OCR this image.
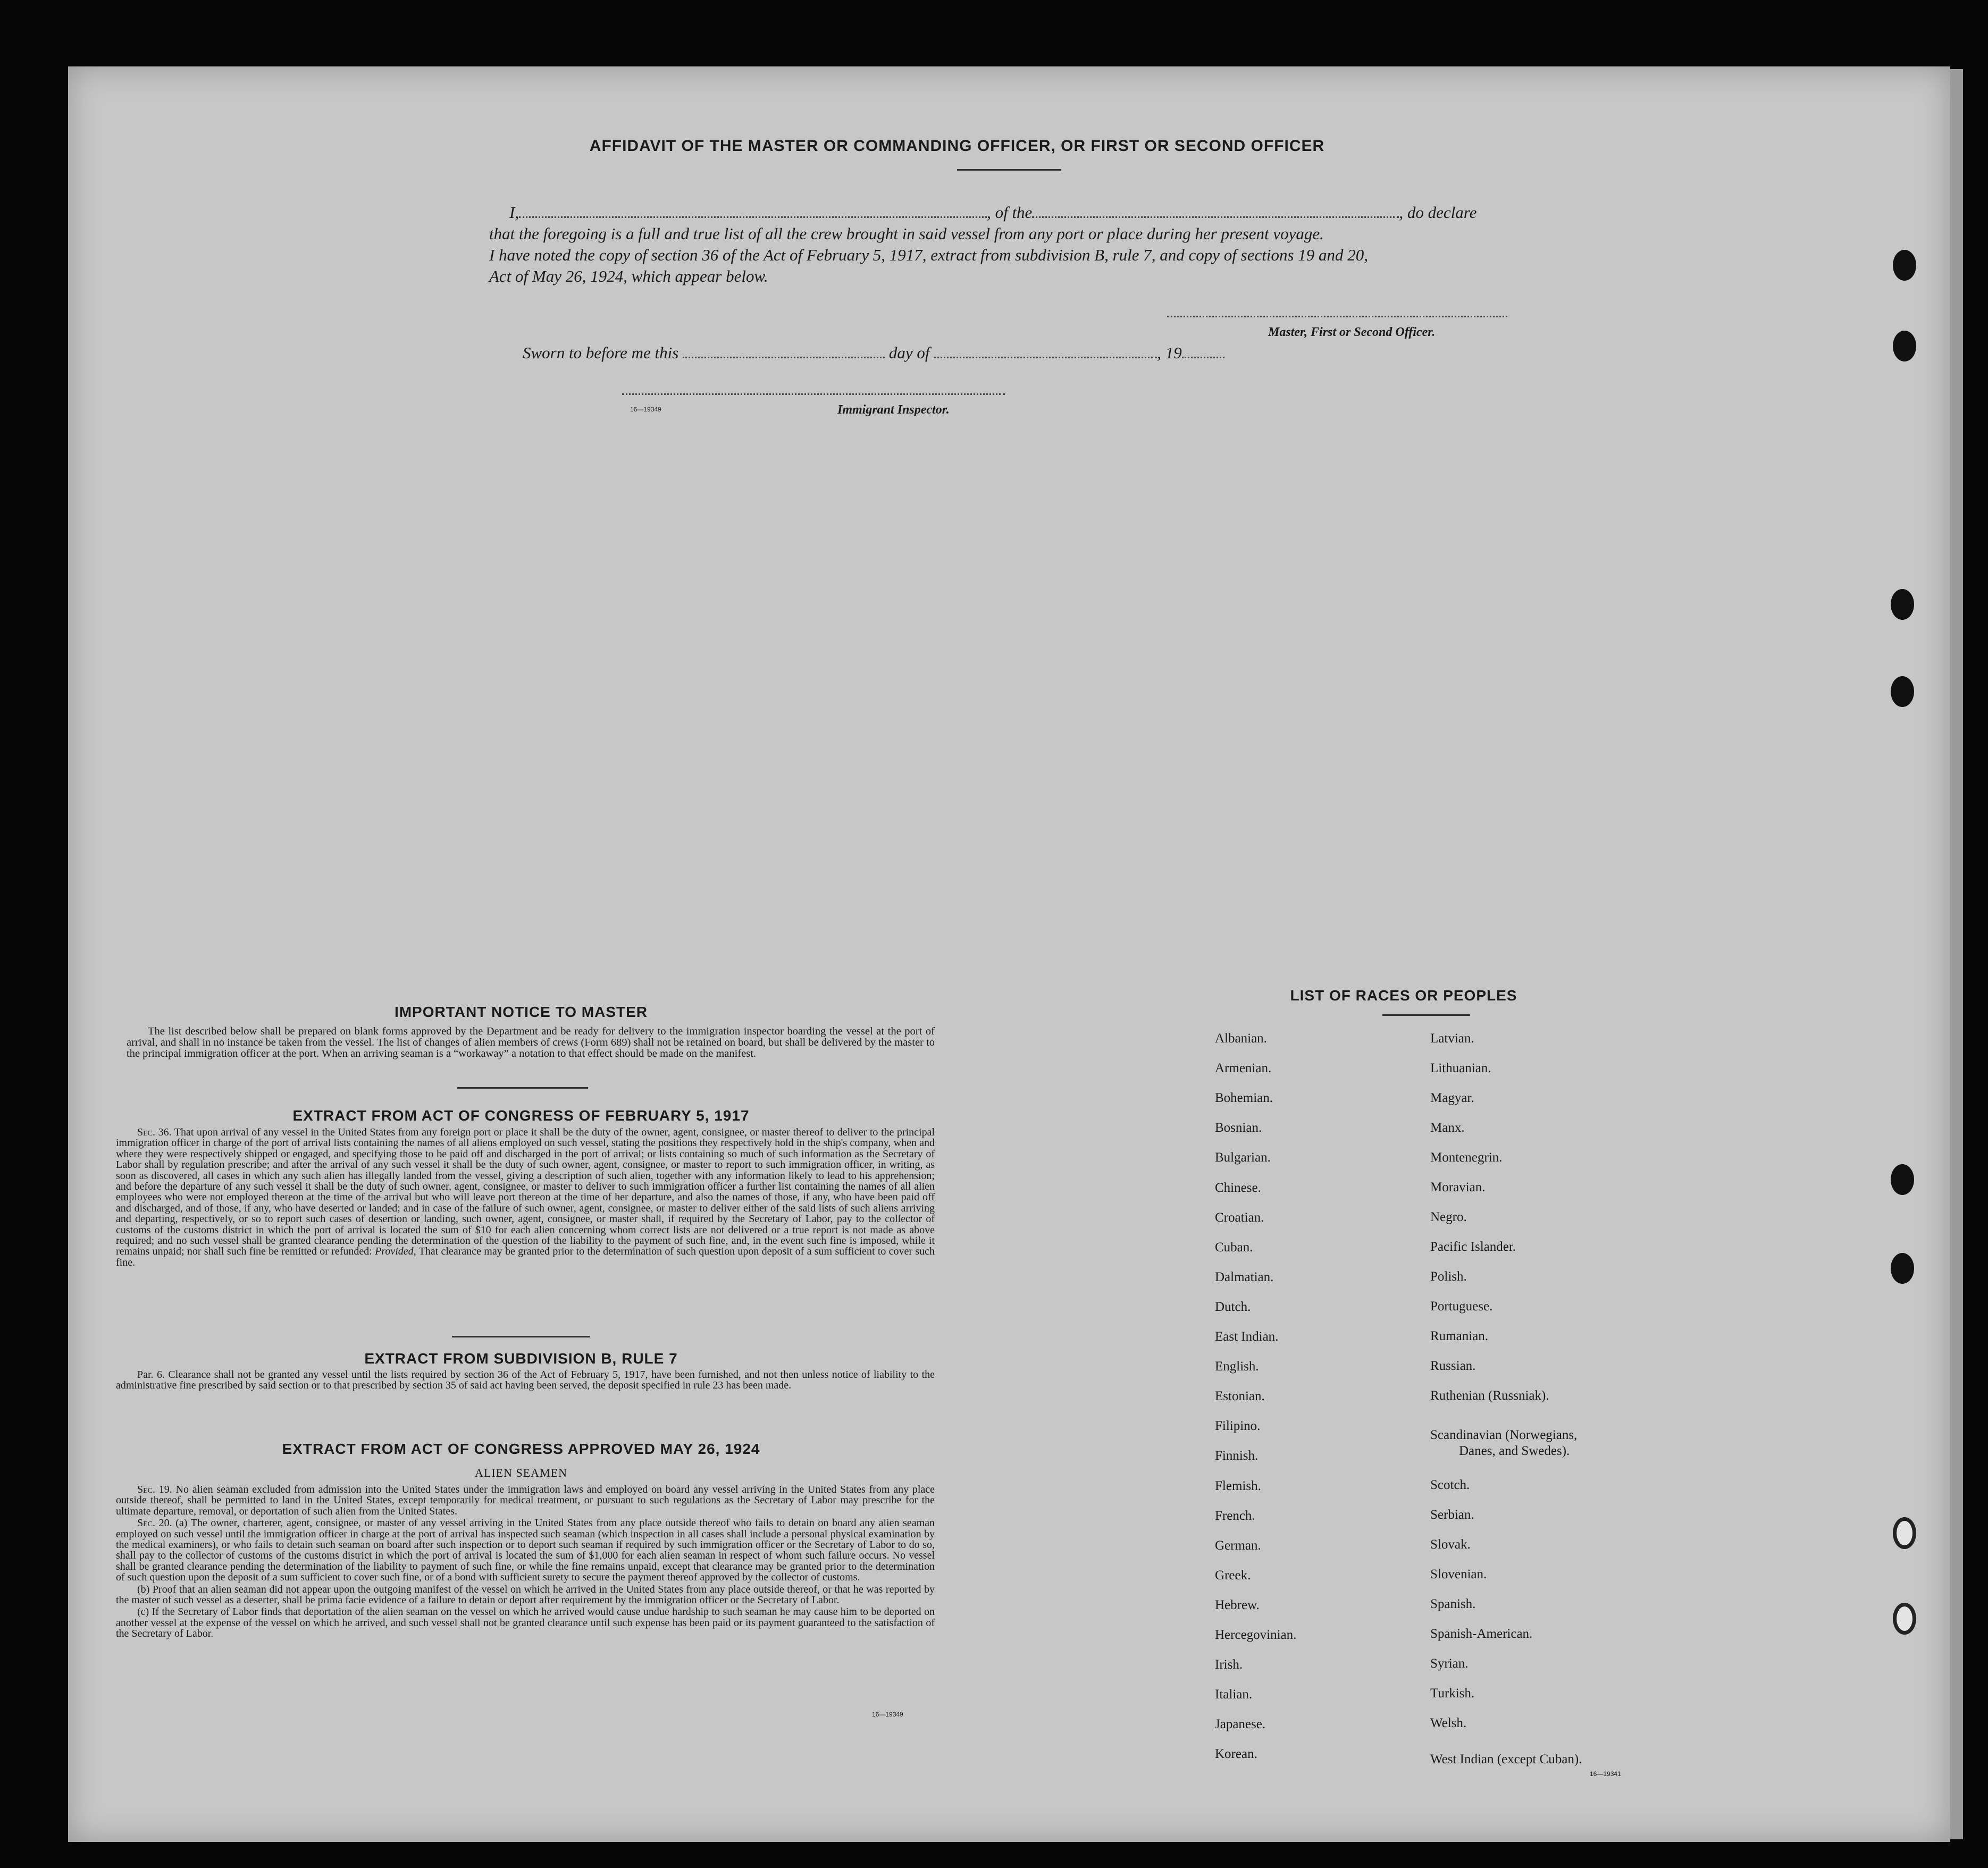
AFFIDAVIT OF THE MASTER OR COMMANDING OFFICER, OR FIRST OR SECOND OFFICER
I,	, of the	, do declare
that the foregoing is a full and true list of all the crew brought in said vessel from any port or place during her present voyage.
I have noted the copy of section 36 of the Act of February 5, 1917, extract from subdivision B, rule 7, and copy of sections 19 and 20,
Act of May 26, 1924, which appear below.
Master, First or Second Officer.
Sworn to before me this	day of	, 19
16—19349	Immigrant Inspector.
IMPORTANT NOTICE TO MASTER

The list described below shall be prepared on blank forms approved by the Department and be ready for delivery to the immigration inspector boarding the vessel at the port of arrival, and shall in no instance be taken from the vessel. The list of changes of alien members of crews (Form 689) shall not be retained on board, but shall be delivered by the master to the principal immigration officer at the port. When an arriving seaman is a “workaway” a notation to that effect should be made on the manifest.

EXTRACT FROM ACT OF CONGRESS OF FEBRUARY 5, 1917

Sec. 36. That upon arrival of any vessel in the United States from any foreign port or place it shall be the duty of the owner, agent, consignee, or master thereof to deliver to the principal immigration officer in charge of the port of arrival lists containing the names of all aliens employed on such vessel, stating the positions they respectively hold in the ship's company, when and where they were respectively shipped or engaged, and specifying those to be paid off and discharged in the port of arrival; or lists containing so much of such information as the Secretary of Labor shall by regulation prescribe; and after the arrival of any such vessel it shall be the duty of such owner, agent, consignee, or master to report to such immigration officer, in writing, as soon as discovered, all cases in which any such alien has illegally landed from the vessel, giving a description of such alien, together with any information likely to lead to his apprehension; and before the departure of any such vessel it shall be the duty of such owner, agent, consignee, or master to deliver to such immigration officer a further list containing the names of all alien employees who were not employed thereon at the time of the arrival but who will leave port thereon at the time of her departure, and also the names of those, if any, who have been paid off and discharged, and of those, if any, who have deserted or landed; and in case of the failure of such owner, agent, consignee, or master to deliver either of the said lists of such aliens arriving and departing, respectively, or so to report such cases of desertion or landing, such owner, agent, consignee, or master shall, if required by the Secretary of Labor, pay to the collector of customs of the customs district in which the port of arrival is located the sum of $10 for each alien concerning whom correct lists are not delivered or a true report is not made as above required; and no such vessel shall be granted clearance pending the determination of the question of the liability to the payment of such fine, and, in the event such fine is imposed, while it remains unpaid; nor shall such fine be remitted or refunded: Provided, That clearance may be granted prior to the determination of such question upon deposit of a sum sufficient to cover such fine.

EXTRACT FROM SUBDIVISION B, RULE 7

Par. 6. Clearance shall not be granted any vessel until the lists required by section 36 of the Act of February 5, 1917, have been furnished, and not then unless notice of liability to the administrative fine prescribed by said section or to that prescribed by section 35 of said act having been served, the deposit specified in rule 23 has been made.

EXTRACT FROM ACT OF CONGRESS APPROVED MAY 26, 1924
ALIEN SEAMEN

Sec. 19. No alien seaman excluded from admission into the United States under the immigration laws and employed on board any vessel arriving in the United States from any place outside thereof, shall be permitted to land in the United States, except temporarily for medical treatment, or pursuant to such regulations as the Secretary of Labor may prescribe for the ultimate departure, removal, or deportation of such alien from the United States.

Sec. 20. (a) The owner, charterer, agent, consignee, or master of any vessel arriving in the United States from any place outside thereof who fails to detain on board any alien seaman employed on such vessel until the immigration officer in charge at the port of arrival has inspected such seaman (which inspection in all cases shall include a personal physical examination by the medical examiners), or who fails to detain such seaman on board after such inspection or to deport such seaman if required by such immigration officer or the Secretary of Labor to do so, shall pay to the collector of customs of the customs district in which the port of arrival is located the sum of $1,000 for each alien seaman in respect of whom such failure occurs. No vessel shall be granted clearance pending the determination of the liability to payment of such fine, or while the fine remains unpaid, except that clearance may be granted prior to the determination of such question upon the deposit of a sum sufficient to cover such fine, or of a bond with sufficient surety to secure the payment thereof approved by the collector of customs.

(b) Proof that an alien seaman did not appear upon the outgoing manifest of the vessel on which he arrived in the United States from any place outside thereof, or that he was reported by the master of such vessel as a deserter, shall be prima facie evidence of a failure to detain or deport after requirement by the immigration officer or the Secretary of Labor.

(c) If the Secretary of Labor finds that deportation of the alien seaman on the vessel on which he arrived would cause undue hardship to such seaman he may cause him to be deported on another vessel at the expense of the vessel on which he arrived, and such vessel shall not be granted clearance until such expense has been paid or its payment guaranteed to the satisfaction of the Secretary of Labor.

16—19349
LIST OF RACES OR PEOPLES
Albanian.
Armenian.
Bohemian.
Bosnian.
Bulgarian.
Chinese.
Croatian.
Cuban.
Dalmatian.
Dutch.
East Indian.
English.
Estonian.
Filipino.
Finnish.
Flemish.
French.
German.
Greek.
Hebrew.
Hercegovinian.
Irish.
Italian.
Japanese.
Korean.
Latvian.
Lithuanian.
Magyar.
Manx.
Montenegrin.
Moravian.
Negro.
Pacific Islander.
Polish.
Portuguese.
Rumanian.
Russian.
Ruthenian (Russniak).
Scandinavian (Norwegians,
Danes, and Swedes).
Scotch.
Serbian.
Slovak.
Slovenian.
Spanish.
Spanish-American.
Syrian.
Turkish.
Welsh.
West Indian (except Cuban).
16—19341
